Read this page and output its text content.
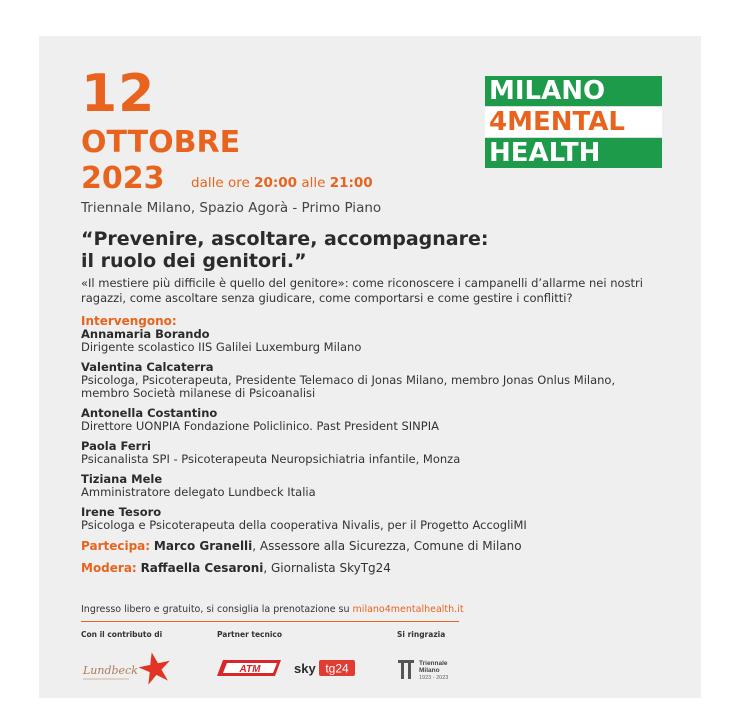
12
OTTOBRE
2023 dalle ore 20:00 alle 21:00
Triennale Milano, Spazio Agorà - Primo Piano
MILANO
4MENTAL
HEALTH
“Prevenire, ascoltare, accompagnare:
il ruolo dei genitori.”
«Il mestiere più difficile è quello del genitore»: come riconoscere i campanelli d’allarme nei nostri ragazzi, come ascoltare senza giudicare, come comportarsi e come gestire i conflitti?
Intervengono:
Annamaria Borando
Dirigente scolastico IIS Galilei Luxemburg Milano
Valentina Calcaterra
Psicologa, Psicoterapeuta, Presidente Telemaco di Jonas Milano, membro Jonas Onlus Milano, membro Società milanese di Psicoanalisi
Antonella Costantino
Direttore UONPIA Fondazione Policlinico. Past President SINPIA
Paola Ferri
Psicanalista SPI - Psicoterapeuta Neuropsichiatria infantile, Monza
Tiziana Mele
Amministratore delegato Lundbeck Italia
Irene Tesoro
Psicologa e Psicoterapeuta della cooperativa Nivalis, per il Progetto AccogliMI
Partecipa: Marco Granelli, Assessore alla Sicurezza, Comune di Milano
Modera: Raffaella Cesaroni, Giornalista SkyTg24
Ingresso libero e gratuito, si consiglia la prenotazione su milano4mentalhealth.it
Con il contributo di	Partner tecnico	Si ringrazia
Lundbeck	ATM	sky tg24	Triennale
Milano
1923 - 2023
